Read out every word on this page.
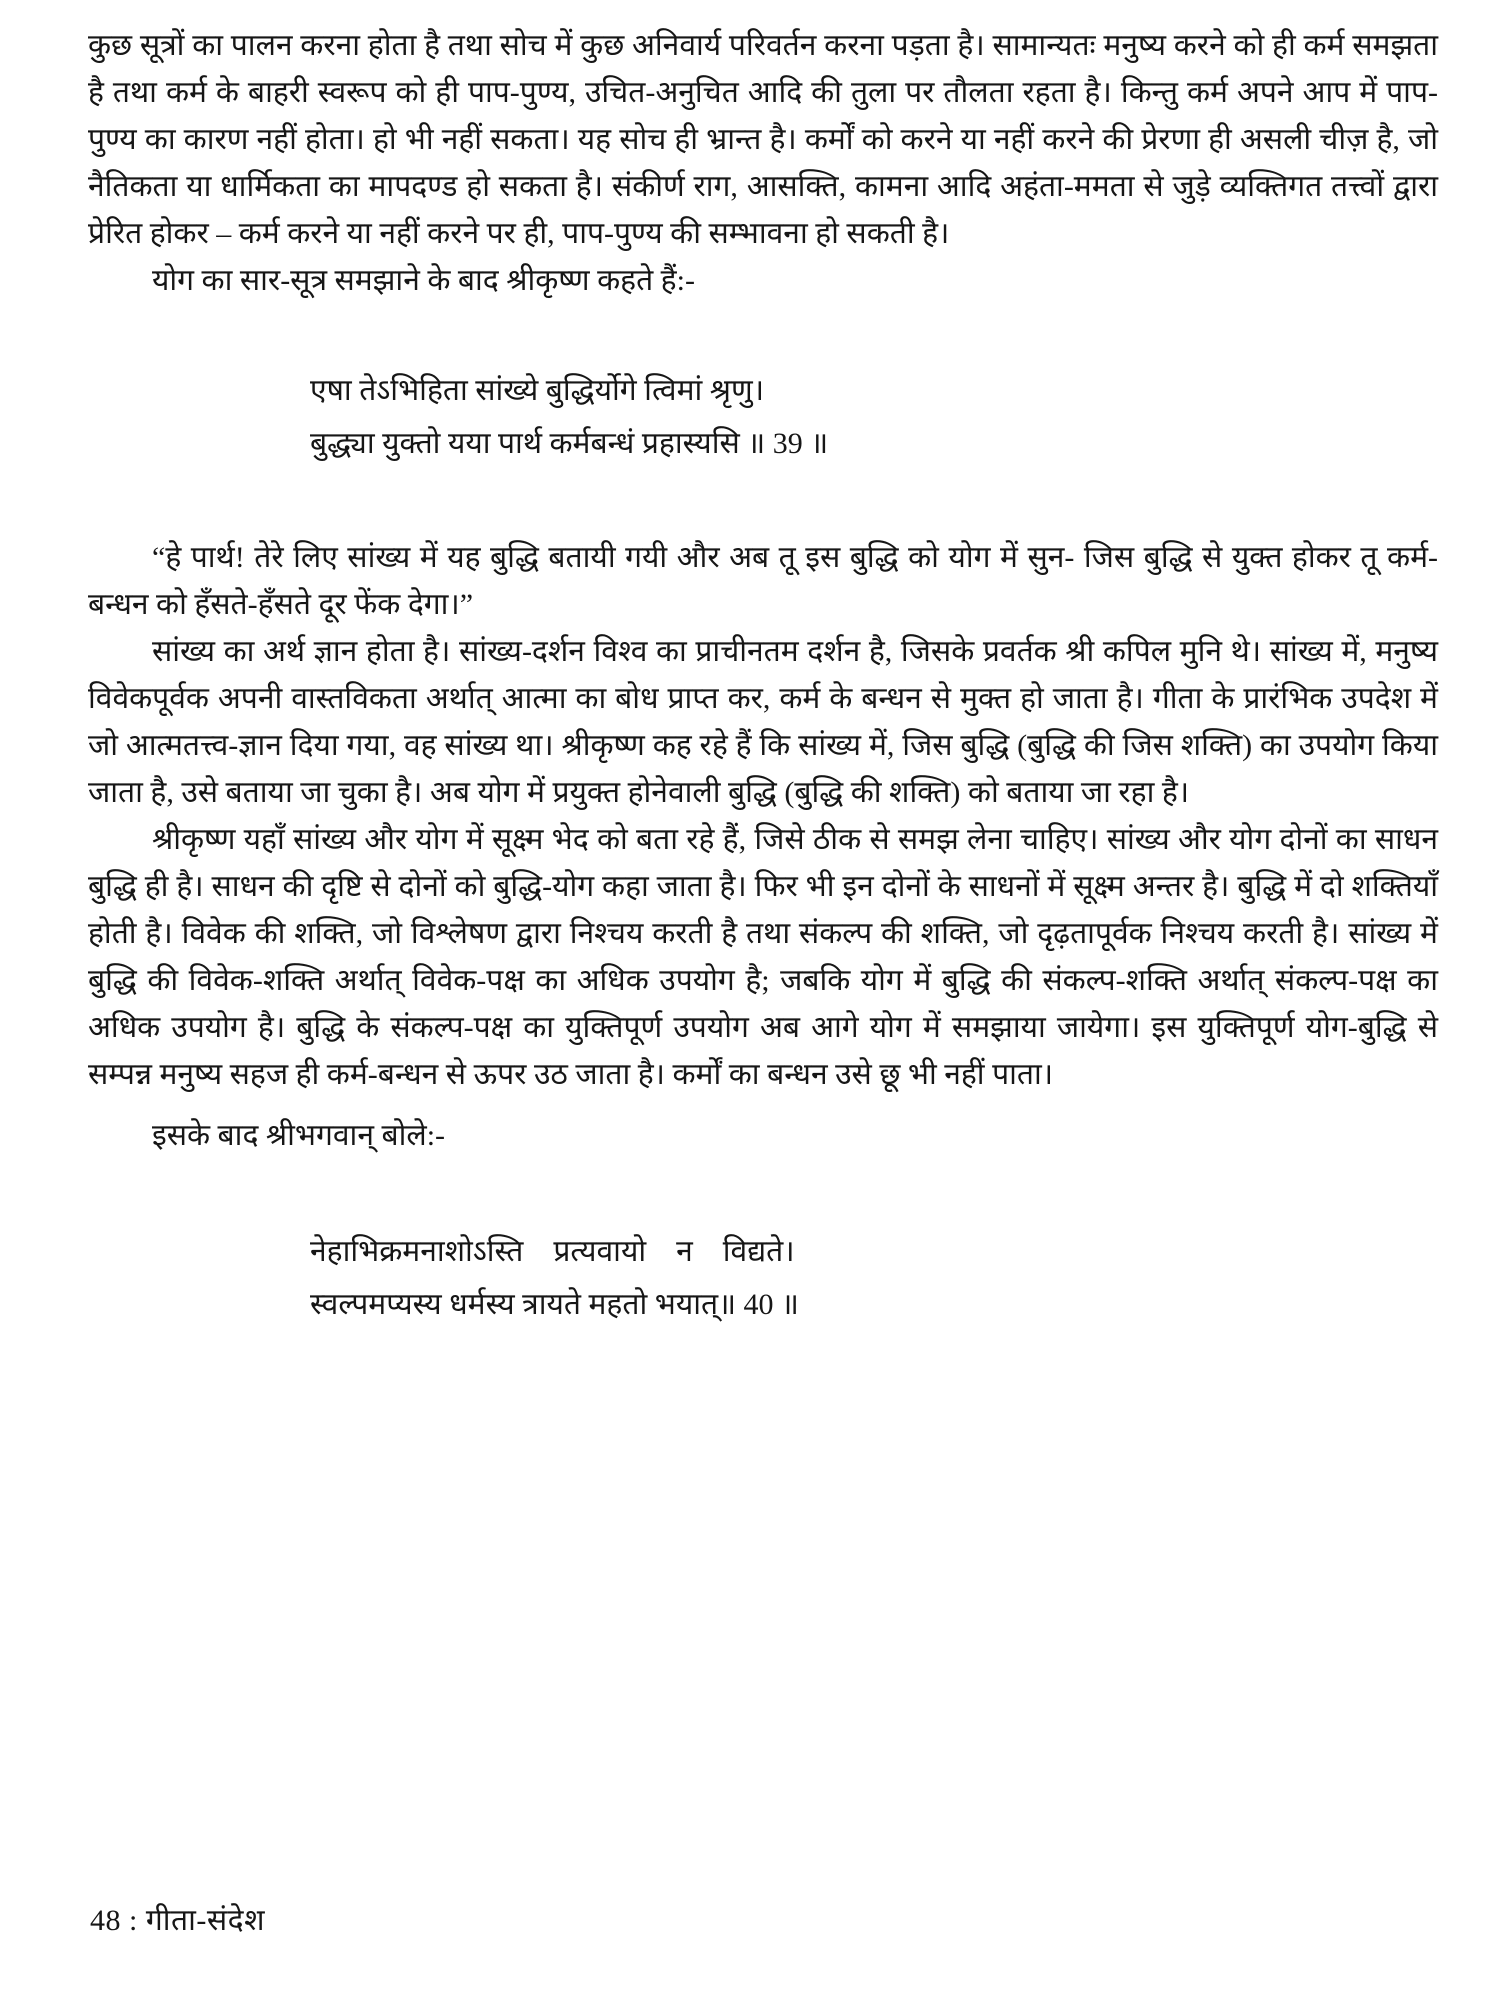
कुछ सूत्रों का पालन करना होता है तथा सोच में कुछ अनिवार्य परिवर्तन करना पड़ता है। सामान्यतः मनुष्य करने को ही कर्म समझता है तथा कर्म के बाहरी स्वरूप को ही पाप-पुण्य, उचित-अनुचित आदि की तुला पर तौलता रहता है। किन्तु कर्म अपने आप में पाप-पुण्य का कारण नहीं होता। हो भी नहीं सकता। यह सोच ही भ्रान्त है। कर्मों को करने या नहीं करने की प्रेरणा ही असली चीज़ है, जो नैतिकता या धार्मिकता का मापदण्ड हो सकता है। संकीर्ण राग, आसक्ति, कामना आदि अहंता-ममता से जुड़े व्यक्तिगत तत्त्वों द्वारा प्रेरित होकर – कर्म करने या नहीं करने पर ही, पाप-पुण्य की सम्भावना हो सकती है।

योग का सार-सूत्र समझाने के बाद श्रीकृष्ण कहते हैं:-

एषा तेऽभिहिता सांख्ये बुद्धिर्योगे त्विमां श्रृणु।
बुद्ध्या युक्तो यया पार्थ कर्मबन्धं प्रहास्यसि ॥ 39 ॥

“हे पार्थ! तेरे लिए सांख्य में यह बुद्धि बतायी गयी और अब तू इस बुद्धि को योग में सुन- जिस बुद्धि से युक्त होकर तू कर्म-बन्धन को हँसते-हँसते दूर फेंक देगा।”

सांख्य का अर्थ ज्ञान होता है। सांख्य-दर्शन विश्व का प्राचीनतम दर्शन है, जिसके प्रवर्तक श्री कपिल मुनि थे। सांख्य में, मनुष्य विवेकपूर्वक अपनी वास्तविकता अर्थात् आत्मा का बोध प्राप्त कर, कर्म के बन्धन से मुक्त हो जाता है। गीता के प्रारंभिक उपदेश में जो आत्मतत्त्व-ज्ञान दिया गया, वह सांख्य था। श्रीकृष्ण कह रहे हैं कि सांख्य में, जिस बुद्धि (बुद्धि की जिस शक्ति) का उपयोग किया जाता है, उसे बताया जा चुका है। अब योग में प्रयुक्त होनेवाली बुद्धि (बुद्धि की शक्ति) को बताया जा रहा है।

श्रीकृष्ण यहाँ सांख्य और योग में सूक्ष्म भेद को बता रहे हैं, जिसे ठीक से समझ लेना चाहिए। सांख्य और योग दोनों का साधन बुद्धि ही है। साधन की दृष्टि से दोनों को बुद्धि-योग कहा जाता है। फिर भी इन दोनों के साधनों में सूक्ष्म अन्तर है। बुद्धि में दो शक्तियाँ होती है। विवेक की शक्ति, जो विश्लेषण द्वारा निश्चय करती है तथा संकल्प की शक्ति, जो दृढ़तापूर्वक निश्चय करती है। सांख्य में बुद्धि की विवेक-शक्ति अर्थात् विवेक-पक्ष का अधिक उपयोग है; जबकि योग में बुद्धि की संकल्प-शक्ति अर्थात् संकल्प-पक्ष का अधिक उपयोग है। बुद्धि के संकल्प-पक्ष का युक्तिपूर्ण उपयोग अब आगे योग में समझाया जायेगा। इस युक्तिपूर्ण योग-बुद्धि से सम्पन्न मनुष्य सहज ही कर्म-बन्धन से ऊपर उठ जाता है। कर्मों का बन्धन उसे छू भी नहीं पाता।

इसके बाद श्रीभगवान् बोले:-

नेहाभिक्रमनाशोऽस्ति    प्रत्यवायो    न    विद्यते।
स्वल्पमप्यस्य धर्मस्य त्रायते महतो भयात्॥ 40 ॥
48 : गीता-संदेश
